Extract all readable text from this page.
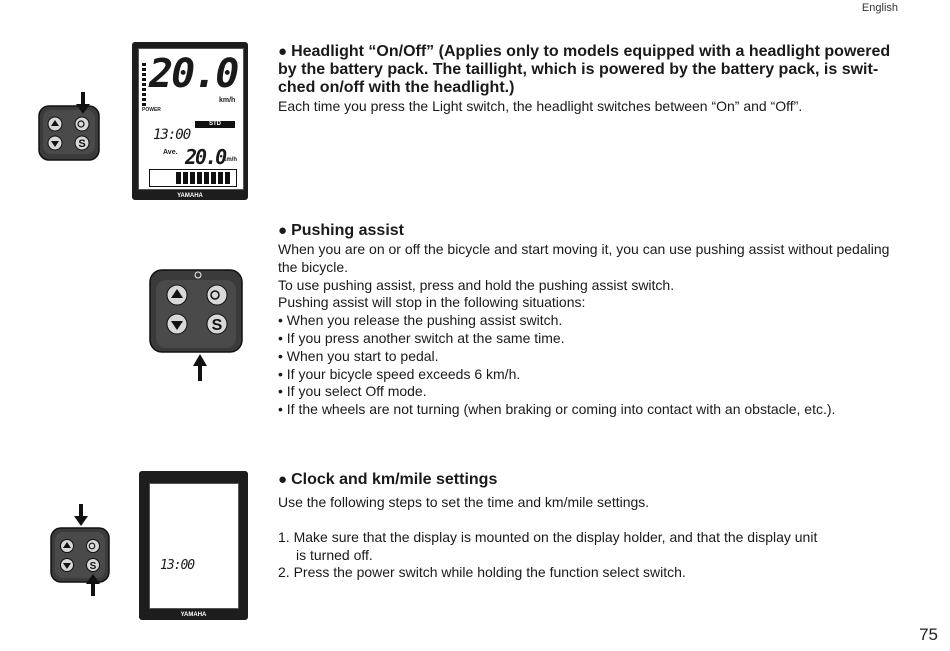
English
75
S
POWER
20.0
km/h
STD
13:00
Ave. 20.0
km/h
YAMAHA
● Headlight “On/Off” (Applies only to models equipped with a headlight powered
by the battery pack. The taillight, which is powered by the battery pack, is swit-
ched on/off with the headlight.)

Each time you press the Light switch, the headlight switches between “On” and “Off”.

S
● Pushing assist

When you are on or off the bicycle and start moving it, you can use pushing assist without pedaling

the bicycle.

To use pushing assist, press and hold the pushing assist switch.

Pushing assist will stop in the following situations:

• When you release the pushing assist switch.
• If you press another switch at the same time.
• When you start to pedal.
• If your bicycle speed exceeds 6 km/h.
• If you select Off mode.
• If the wheels are not turning (when braking or coming into contact with an obstacle, etc.).
S	13:00
YAMAHA
● Clock and km/mile settings

Use the following steps to set the time and km/mile settings.

1. Make sure that the display is mounted on the display holder, and that the display unit

is turned off.

2. Press the power switch while holding the function select switch.
